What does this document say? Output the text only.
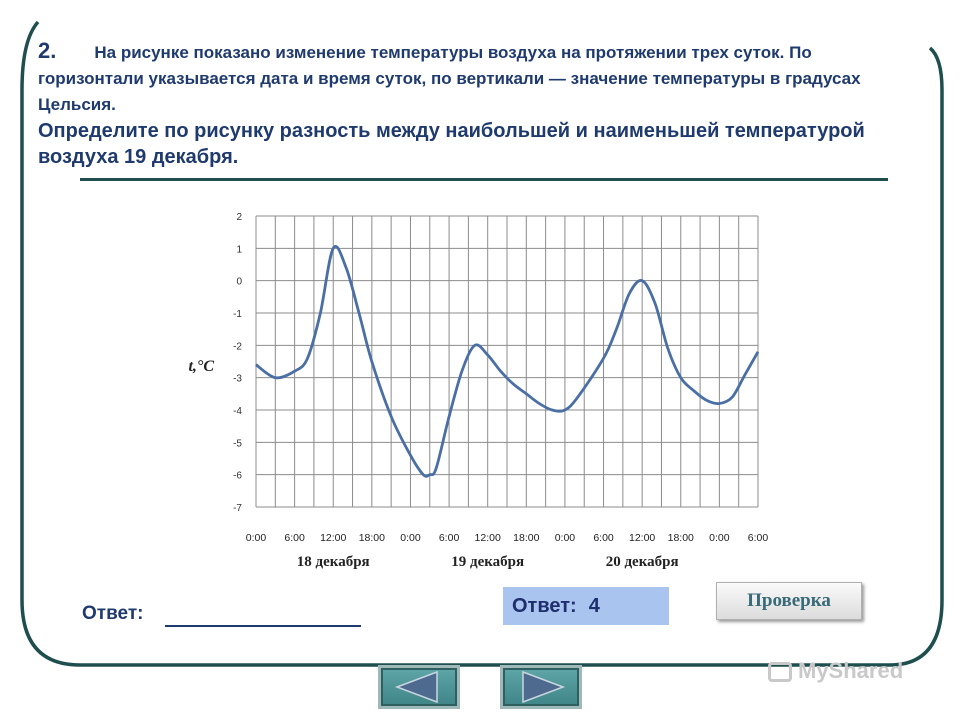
2. На рисунке показано изменение температуры воздуха на протяжении трех суток. По горизонтали указывается дата и время суток, по вертикали — значение температуры в градусах Цельсия.
Определите по рисунку разность между наибольшей и наименьшей температурой воздуха 19 декабря.
2
1
0
-1
-2
-3
-4
-5
-6
-7
0:00 6:00 12:00 18:00 0:00 6:00 12:00 18:00 0:00 6:00 12:00 18:00 0:00 6:00
18 декабря	19 декабря	20 декабря
t,°C
Ответ:	Ответ: 4	Проверка
MyShared
